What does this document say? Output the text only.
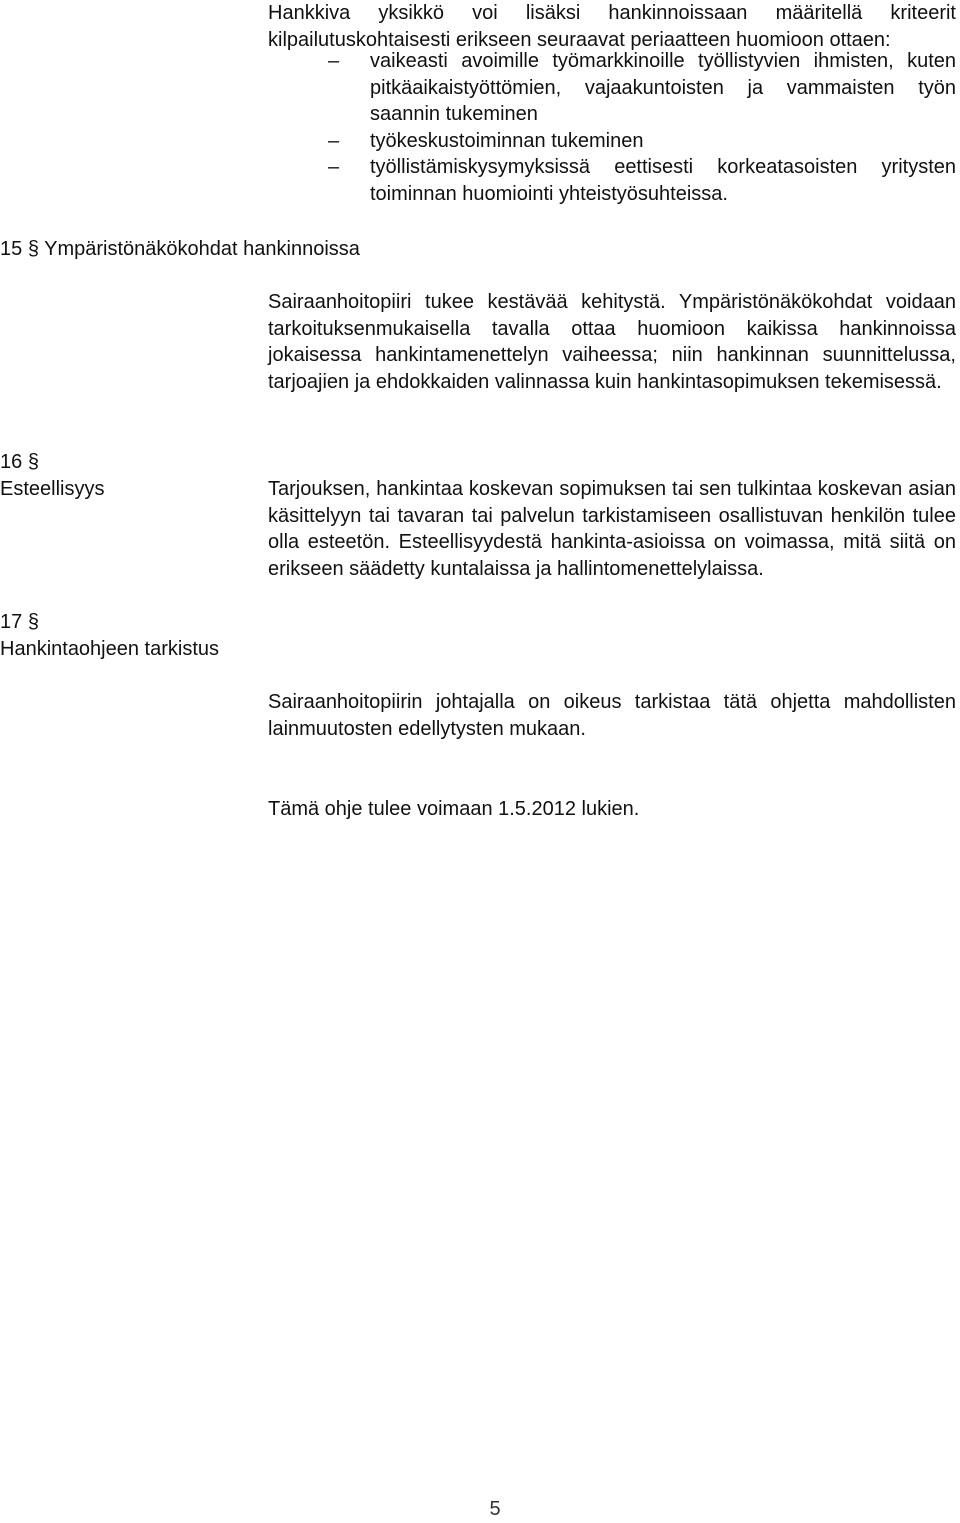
Hankkiva yksikkö voi lisäksi hankinnoissaan määritellä kriteerit kilpailutuskohtaisesti erikseen seuraavat periaatteen huomioon ottaen:

– vaikeasti avoimille työmarkkinoille työllistyvien ihmisten, kuten pitkäaikaistyöttömien, vajaakuntoisten ja vammaisten työn saannin tukeminen
– työkeskustoiminnan tukeminen
– työllistämiskysymyksissä eettisesti korkeatasoisten yritysten toiminnan huomiointi yhteistyösuhteissa.
15 § Ympäristönäkökohdat hankinnoissa

Sairaanhoitopiiri tukee kestävää kehitystä. Ympäristönäkökohdat voidaan tarkoituksenmukaisella tavalla ottaa huomioon kaikissa hankinnoissa jokaisessa hankintamenettelyn vaiheessa; niin hankinnan suunnittelussa, tarjoajien ja ehdokkaiden valinnassa kuin hankintasopimuksen tekemisessä.

16 §
Esteellisyys	Tarjouksen, hankintaa koskevan sopimuksen tai sen tulkintaa koskevan asian käsittelyyn tai tavaran tai palvelun tarkistamiseen osallistuvan henkilön tulee olla esteetön. Esteellisyydestä hankinta-asioissa on voimassa, mitä siitä on erikseen säädetty kuntalaissa ja hallintomenettelylaissa.

17 §
Hankintaohjeen tarkistus

Sairaanhoitopiirin johtajalla on oikeus tarkistaa tätä ohjetta mahdollisten lainmuutosten edellytysten mukaan.

Tämä ohje tulee voimaan 1.5.2012 lukien.

5
